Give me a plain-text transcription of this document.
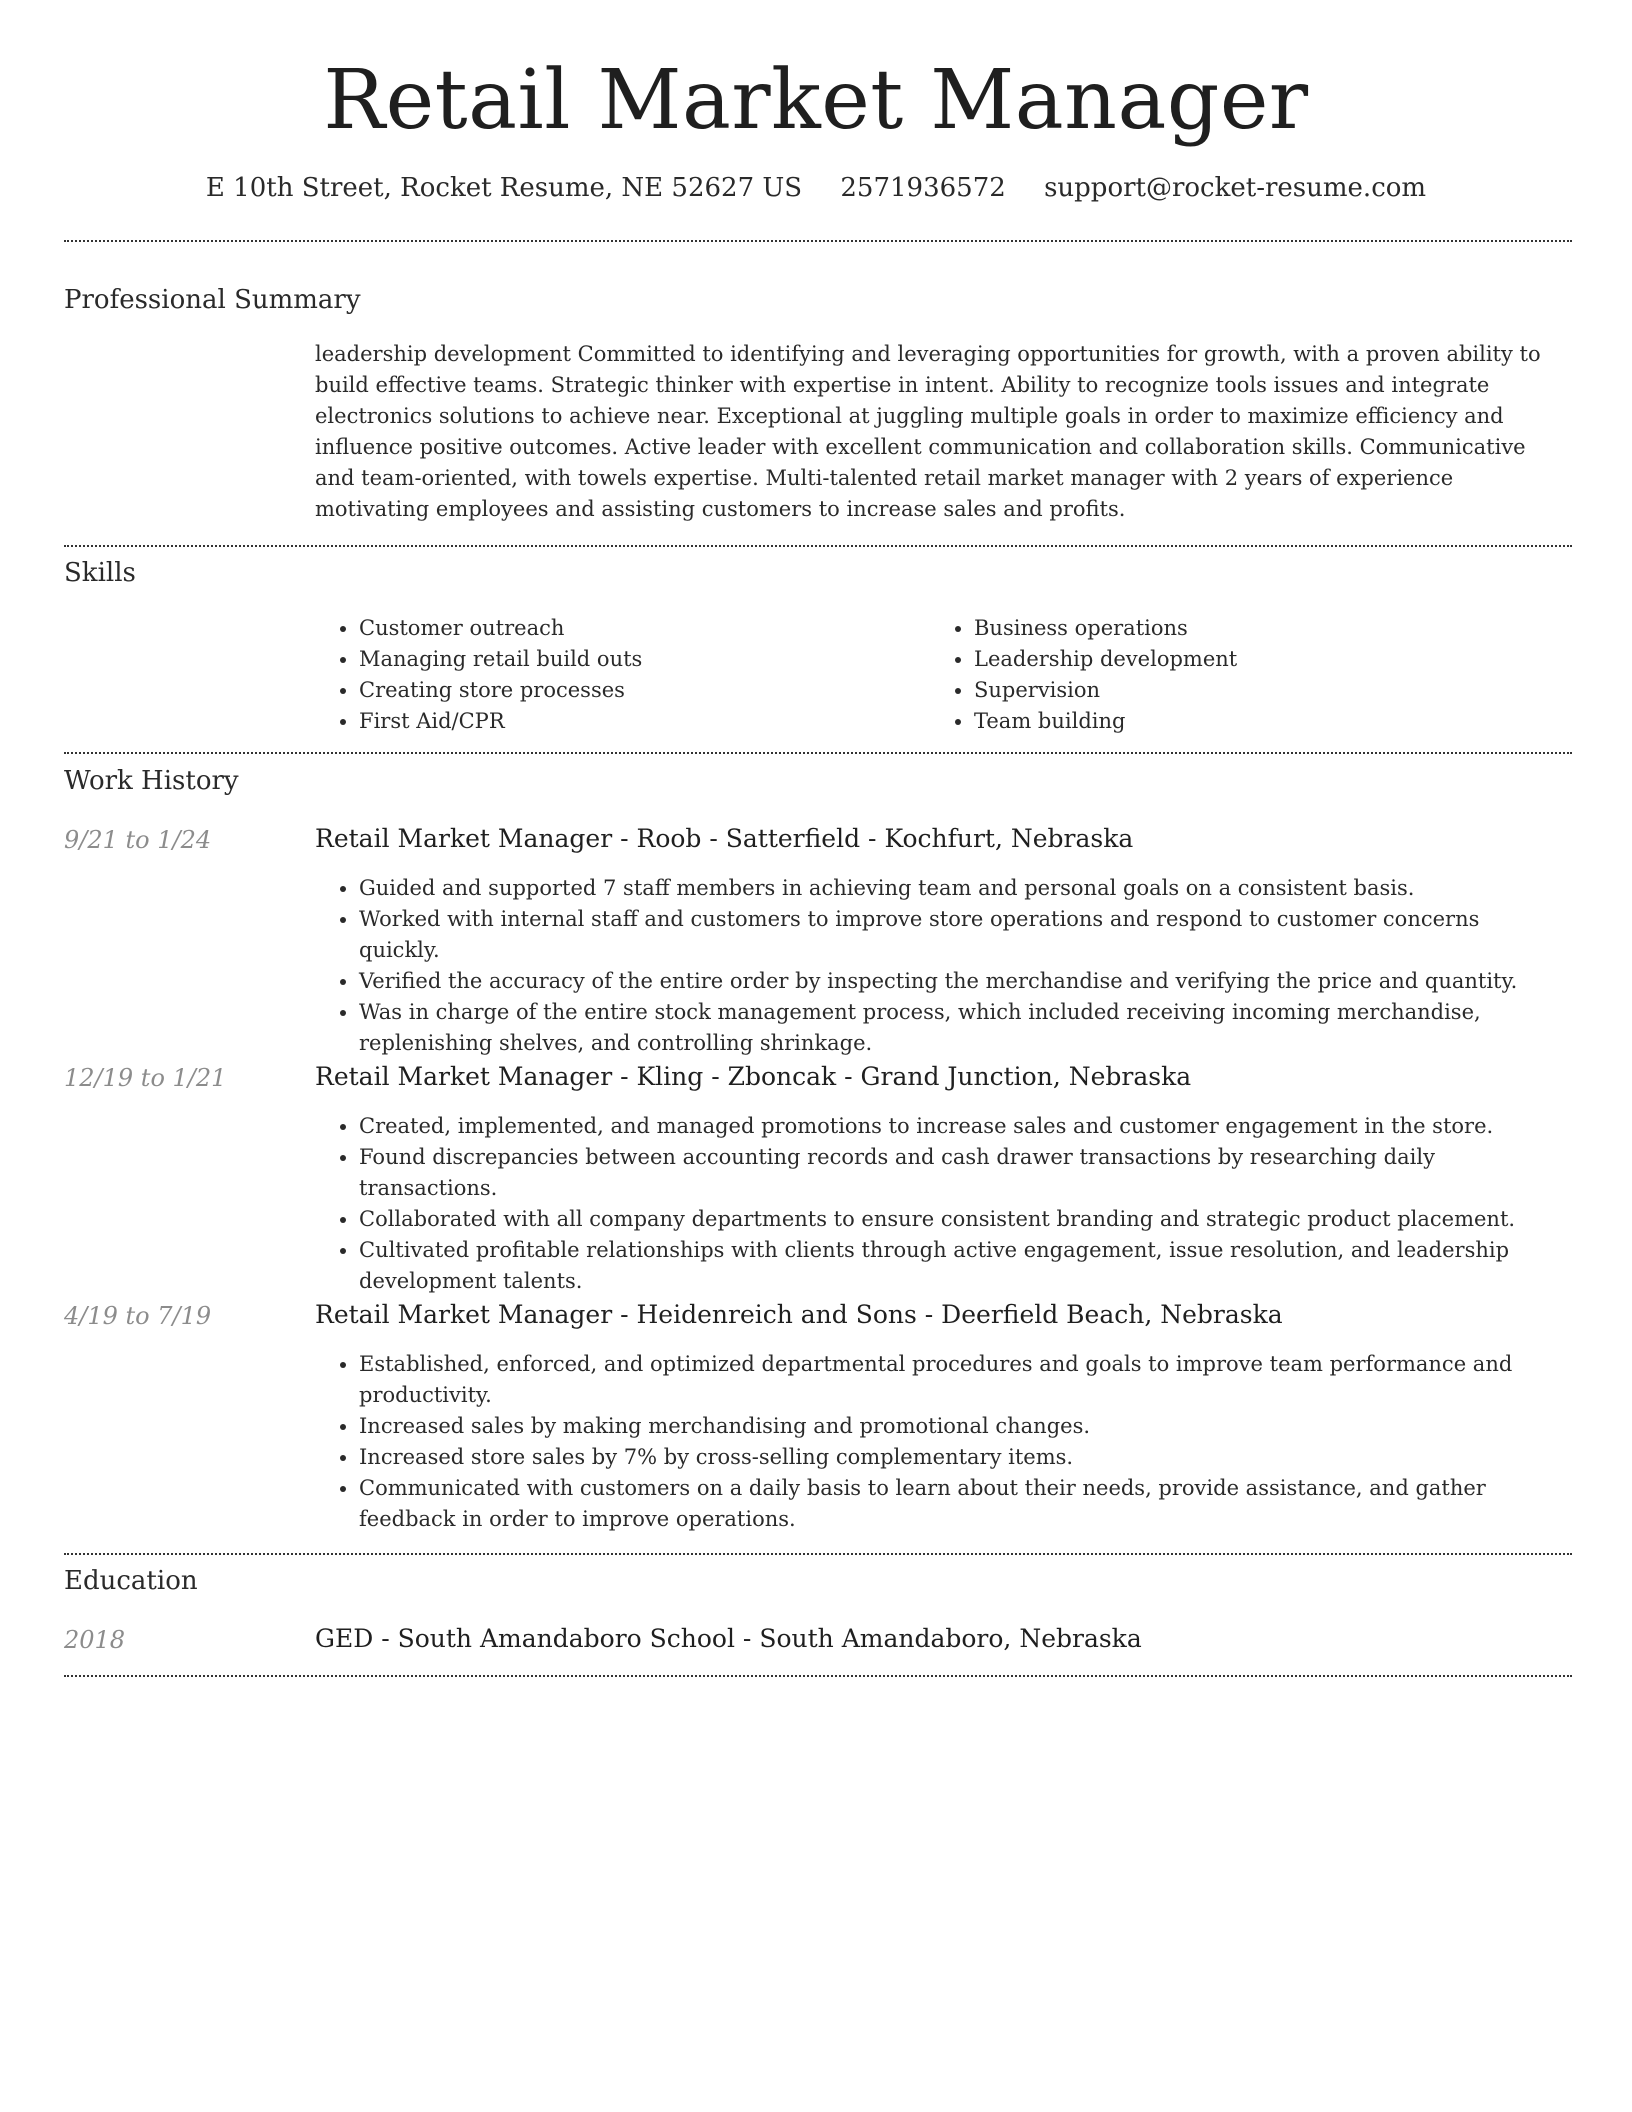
Retail Market Manager
E 10th Street, Rocket Resume, NE 52627 US 2571936572 support@rocket-resume.com
Professional Summary
leadership development Committed to identifying and leveraging opportunities for growth, with a proven ability to build effective teams. Strategic thinker with expertise in intent. Ability to recognize tools issues and integrate electronics solutions to achieve near. Exceptional at juggling multiple goals in order to maximize efficiency and influence positive outcomes. Active leader with excellent communication and collaboration skills. Communicative and team-oriented, with towels expertise. Multi-talented retail market manager with 2 years of experience motivating employees and assisting customers to increase sales and profits.
Skills
• Customer outreach
• Managing retail build outs
• Creating store processes
• First Aid/CPR
• Business operations
• Leadership development
• Supervision
• Team building
Work History
9/21 to 1/24	Retail Market Manager - Roob - Satterfield - Kochfurt, Nebraska
• Guided and supported 7 staff members in achieving team and personal goals on a consistent basis.
• Worked with internal staff and customers to improve store operations and respond to customer concerns quickly.
• Verified the accuracy of the entire order by inspecting the merchandise and verifying the price and quantity.
• Was in charge of the entire stock management process, which included receiving incoming merchandise, replenishing shelves, and controlling shrinkage.
12/19 to 1/21	Retail Market Manager - Kling - Zboncak - Grand Junction, Nebraska
• Created, implemented, and managed promotions to increase sales and customer engagement in the store.
• Found discrepancies between accounting records and cash drawer transactions by researching daily transactions.
• Collaborated with all company departments to ensure consistent branding and strategic product placement.
• Cultivated profitable relationships with clients through active engagement, issue resolution, and leadership development talents.
4/19 to 7/19	Retail Market Manager - Heidenreich and Sons - Deerfield Beach, Nebraska
• Established, enforced, and optimized departmental procedures and goals to improve team performance and productivity.
• Increased sales by making merchandising and promotional changes.
• Increased store sales by 7% by cross-selling complementary items.
• Communicated with customers on a daily basis to learn about their needs, provide assistance, and gather feedback in order to improve operations.
Education
2018	GED - South Amandaboro School - South Amandaboro, Nebraska
